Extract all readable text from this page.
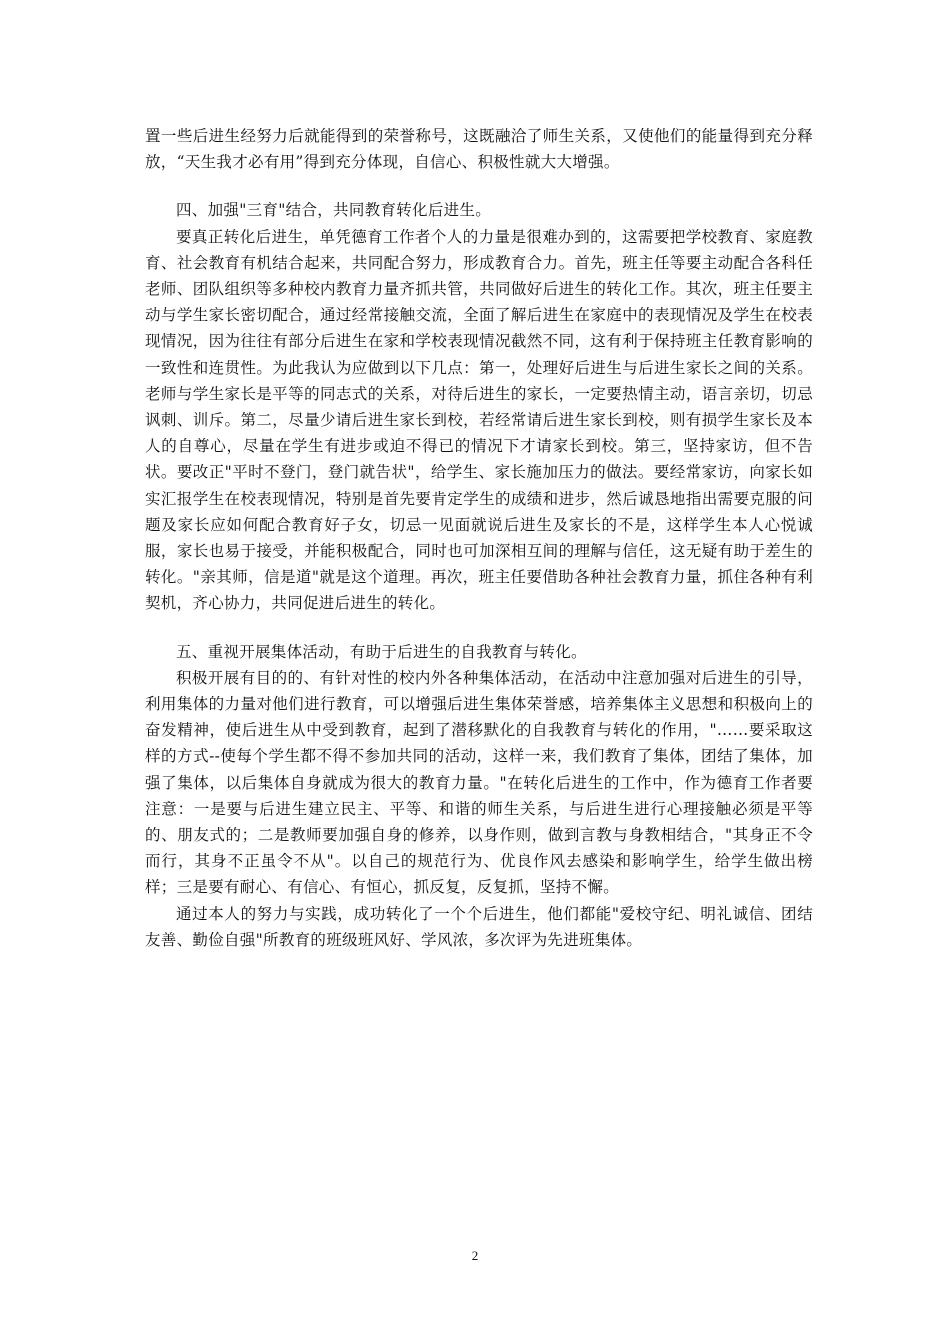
置一些后进生经努力后就能得到的荣誉称号，这既融洽了师生关系，又使他们的能量得到充分释放，“天生我才必有用”得到充分体现，自信心、积极性就大大增强。

四、加强"三育"结合，共同教育转化后进生。

要真正转化后进生，单凭德育工作者个人的力量是很难办到的，这需要把学校教育、家庭教育、社会教育有机结合起来，共同配合努力，形成教育合力。首先，班主任等要主动配合各科任老师、团队组织等多种校内教育力量齐抓共管，共同做好后进生的转化工作。其次，班主任要主动与学生家长密切配合，通过经常接触交流，全面了解后进生在家庭中的表现情况及学生在校表现情况，因为往往有部分后进生在家和学校表现情况截然不同，这有利于保持班主任教育影响的一致性和连贯性。为此我认为应做到以下几点：第一，处理好后进生与后进生家长之间的关系。老师与学生家长是平等的同志式的关系，对待后进生的家长，一定要热情主动，语言亲切，切忌讽刺、训斥。第二，尽量少请后进生家长到校，若经常请后进生家长到校，则有损学生家长及本人的自尊心，尽量在学生有进步或迫不得已的情况下才请家长到校。第三，坚持家访，但不告状。要改正"平时不登门，登门就告状"，给学生、家长施加压力的做法。要经常家访，向家长如实汇报学生在校表现情况，特别是首先要肯定学生的成绩和进步，然后诚恳地指出需要克服的问题及家长应如何配合教育好子女，切忌一见面就说后进生及家长的不是，这样学生本人心悦诚服，家长也易于接受，并能积极配合，同时也可加深相互间的理解与信任，这无疑有助于差生的转化。"亲其师，信是道"就是这个道理。再次，班主任要借助各种社会教育力量，抓住各种有利契机，齐心协力，共同促进后进生的转化。

五、重视开展集体活动，有助于后进生的自我教育与转化。

积极开展有目的的、有针对性的校内外各种集体活动，在活动中注意加强对后进生的引导，利用集体的力量对他们进行教育，可以增强后进生集体荣誉感，培养集体主义思想和积极向上的奋发精神，使后进生从中受到教育，起到了潜移默化的自我教育与转化的作用，"……要采取这样的方式--使每个学生都不得不参加共同的活动，这样一来，我们教育了集体，团结了集体，加强了集体，以后集体自身就成为很大的教育力量。"在转化后进生的工作中，作为德育工作者要注意：一是要与后进生建立民主、平等、和谐的师生关系，与后进生进行心理接触必须是平等的、朋友式的；二是教师要加强自身的修养，以身作则，做到言教与身教相结合，"其身正不令而行，其身不正虽令不从"。以自己的规范行为、优良作风去感染和影响学生，给学生做出榜样；三是要有耐心、有信心、有恒心，抓反复，反复抓，坚持不懈。

通过本人的努力与实践，成功转化了一个个后进生，他们都能"爱校守纪、明礼诚信、团结友善、勤俭自强"所教育的班级班风好、学风浓，多次评为先进班集体。

2
